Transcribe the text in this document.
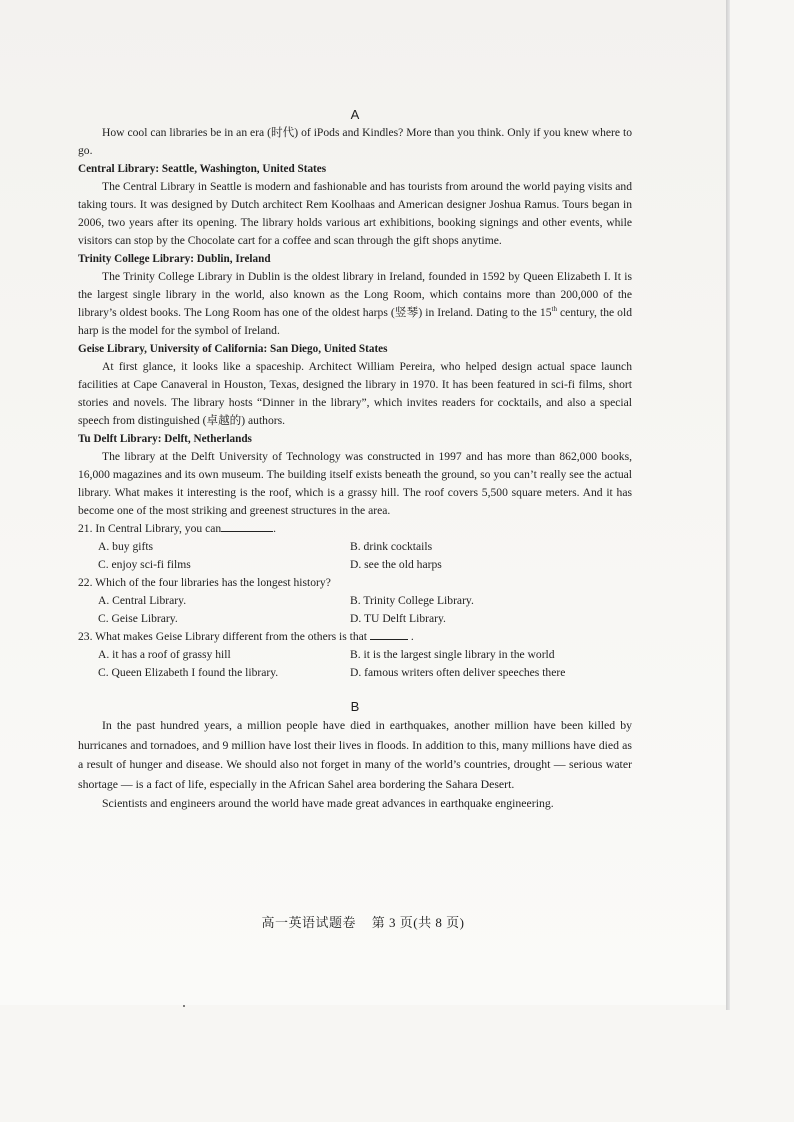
A

How cool can libraries be in an era (时代) of iPods and Kindles? More than you think. Only if you knew where to go.

Central Library: Seattle, Washington, United States

The Central Library in Seattle is modern and fashionable and has tourists from around the world paying visits and taking tours. It was designed by Dutch architect Rem Koolhaas and American designer Joshua Ramus. Tours began in 2006, two years after its opening. The library holds various art exhibitions, booking signings and other events, while visitors can stop by the Chocolate cart for a coffee and scan through the gift shops anytime.

Trinity College Library: Dublin, Ireland

The Trinity College Library in Dublin is the oldest library in Ireland, founded in 1592 by Queen Elizabeth I. It is the largest single library in the world, also known as the Long Room, which contains more than 200,000 of the library’s oldest books. The Long Room has one of the oldest harps (竖琴) in Ireland. Dating to the 15th century, the old harp is the model for the symbol of Ireland.

Geise Library, University of California: San Diego, United States

At first glance, it looks like a spaceship. Architect William Pereira, who helped design actual space launch facilities at Cape Canaveral in Houston, Texas, designed the library in 1970. It has been featured in sci-fi films, short stories and novels. The library hosts “Dinner in the library”, which invites readers for cocktails, and also a special speech from distinguished (卓越的) authors.

Tu Delft Library: Delft, Netherlands

The library at the Delft University of Technology was constructed in 1997 and has more than 862,000 books, 16,000 magazines and its own museum. The building itself exists beneath the ground, so you can’t really see the actual library. What makes it interesting is the roof, which is a grassy hill. The roof covers 5,500 square meters. And it has become one of the most striking and greenest structures in the area.

21. In Central Library, you can	.

A. buy gifts	B. drink cocktails
C. enjoy sci-fi films	D. see the old harps

22. Which of the four libraries has the longest history?

A. Central Library.	B. Trinity College Library.
C. Geise Library.	D. TU Delft Library.

23. What makes Geise Library different from the others is that	.

A. it has a roof of grassy hill	B. it is the largest single library in the world
C. Queen Elizabeth I found the library.	D. famous writers often deliver speeches there

B

In the past hundred years, a million people have died in earthquakes, another million have been killed by hurricanes and tornadoes, and 9 million have lost their lives in floods. In addition to this, many millions have died as a result of hunger and disease. We should also not forget in many of the world’s countries, drought — serious water shortage — is a fact of life, especially in the African Sahel area bordering the Sahara Desert.

Scientists and engineers around the world have made great advances in earthquake engineering.

高一英语试题卷 第 3 页(共 8 页)
